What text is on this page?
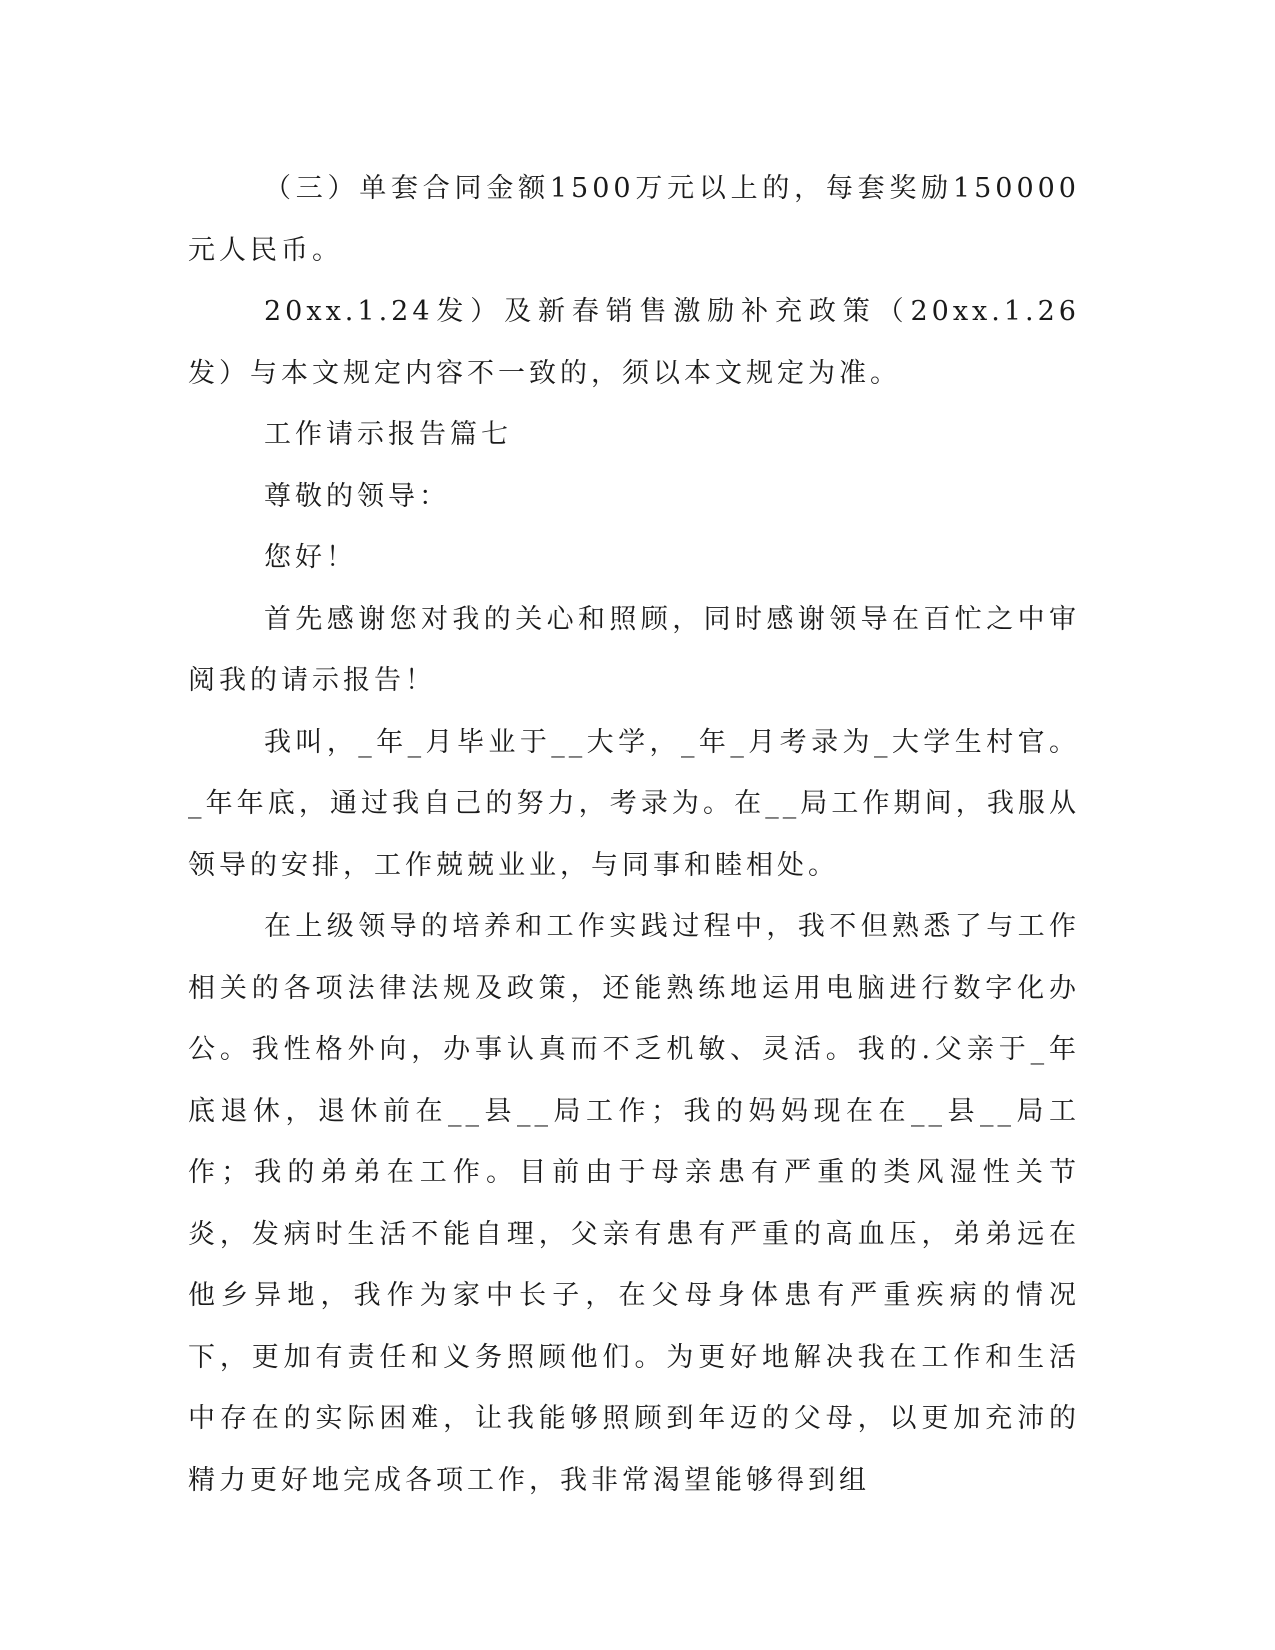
（三）单套合同金额1500万元以上的，每套奖励150000元人民币。

20xx.1.24发）及新春销售激励补充政策（20xx.1.26发）与本文规定内容不一致的，须以本文规定为准。

工作请示报告篇七

尊敬的领导：

您好！

首先感谢您对我的关心和照顾，同时感谢领导在百忙之中审阅我的请示报告！

我叫，_年_月毕业于__大学，_年_月考录为_大学生村官。_年年底，通过我自己的努力，考录为。在__局工作期间，我服从领导的安排，工作兢兢业业，与同事和睦相处。

在上级领导的培养和工作实践过程中，我不但熟悉了与工作相关的各项法律法规及政策，还能熟练地运用电脑进行数字化办公。我性格外向，办事认真而不乏机敏、灵活。我的.父亲于_年底退休，退休前在__县__局工作；我的妈妈现在在__县__局工作；我的弟弟在工作。目前由于母亲患有严重的类风湿性关节炎，发病时生活不能自理，父亲有患有严重的高血压，弟弟远在他乡异地，我作为家中长子，在父母身体患有严重疾病的情况下，更加有责任和义务照顾他们。为更好地解决我在工作和生活中存在的实际困难，让我能够照顾到年迈的父母，以更加充沛的精力更好地完成各项工作，我非常渴望能够得到组
